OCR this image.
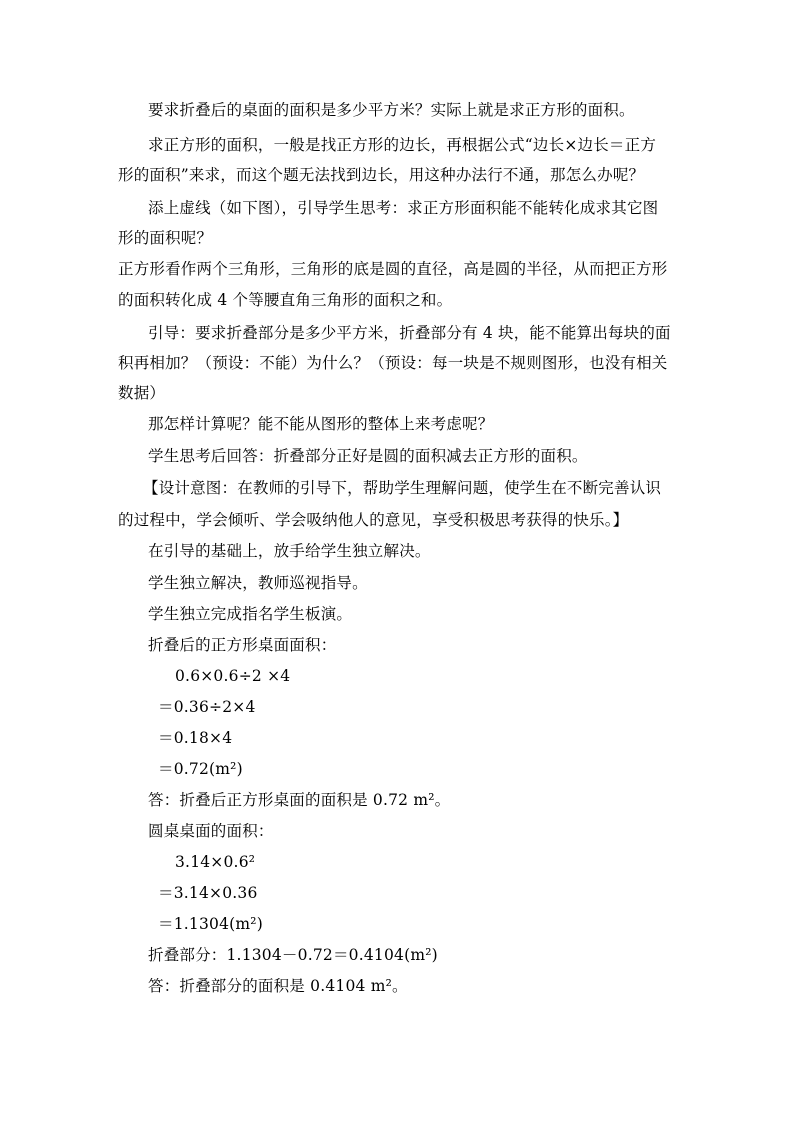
要求折叠后的桌面的面积是多少平方米？实际上就是求正方形的面积。
求正方形的面积，一般是找正方形的边长，再根据公式“边长×边长＝正方
形的面积”来求，而这个题无法找到边长，用这种办法行不通，那怎么办呢？
添上虚线（如下图），引导学生思考：求正方形面积能不能转化成求其它图
形的面积呢？
正方形看作两个三角形，三角形的底是圆的直径，高是圆的半径，从而把正方形
的面积转化成 4 个等腰直角三角形的面积之和。
引导：要求折叠部分是多少平方米，折叠部分有 4 块，能不能算出每块的面
积再相加？（预设：不能）为什么？（预设：每一块是不规则图形，也没有相关
数据）
那怎样计算呢？能不能从图形的整体上来考虑呢？
学生思考后回答：折叠部分正好是圆的面积减去正方形的面积。
【设计意图：在教师的引导下，帮助学生理解问题，使学生在不断完善认识
的过程中，学会倾听、学会吸纳他人的意见，享受积极思考获得的快乐。】
在引导的基础上，放手给学生独立解决。
学生独立解决，教师巡视指导。
学生独立完成指名学生板演。
折叠后的正方形桌面面积：
0.6×0.6÷2 ×4
＝0.36÷2×4
＝0.18×4
＝0.72(m²)
答：折叠后正方形桌面的面积是 0.72 m²。
圆桌桌面的面积：
3.14×0.6²
＝3.14×0.36
＝1.1304(m²)
折叠部分：1.1304－0.72＝0.4104(m²)
答：折叠部分的面积是 0.4104 m²。
